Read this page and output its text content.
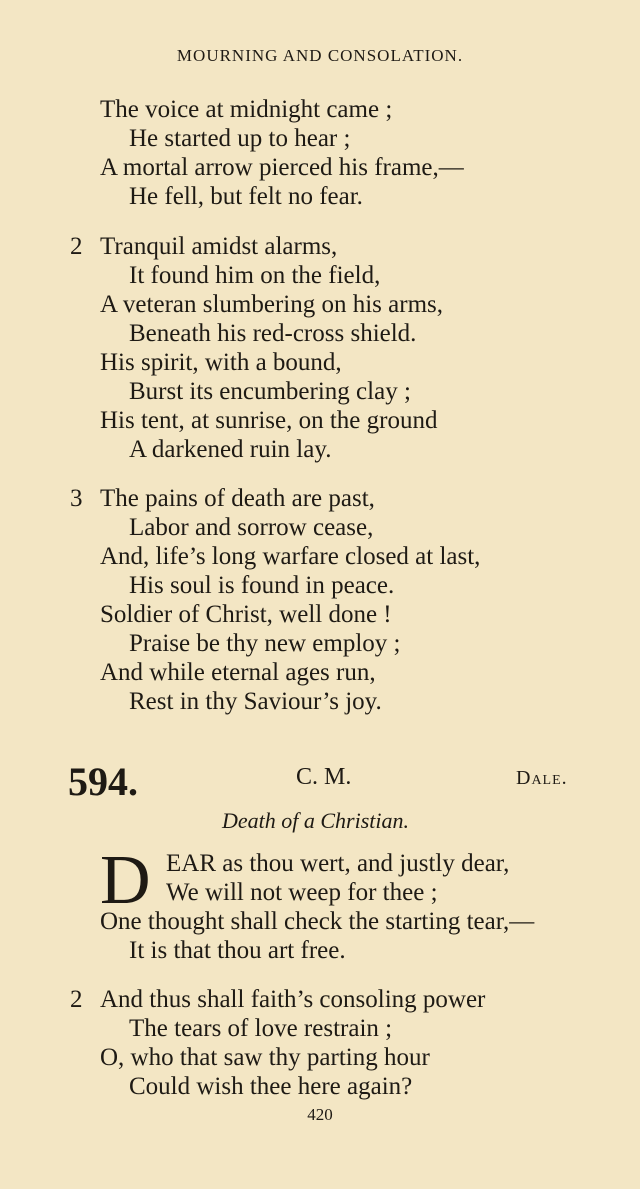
MOURNING AND CONSOLATION.
The voice at midnight came ;
He started up to hear ;
A mortal arrow pierced his frame,—
He fell, but felt no fear.
2 Tranquil amidst alarms,
It found him on the field,
A veteran slumbering on his arms,
Beneath his red-cross shield.
His spirit, with a bound,
Burst its encumbering clay ;
His tent, at sunrise, on the ground
A darkened ruin lay.
3 The pains of death are past,
Labor and sorrow cease,
And, life’s long warfare closed at last,
His soul is found in peace.
Soldier of Christ, well done !
Praise be thy new employ ;
And while eternal ages run,
Rest in thy Saviour’s joy.
594.	C. M.	Dale.
Death of a Christian.
D EAR as thou wert, and justly dear,
We will not weep for thee ;
One thought shall check the starting tear,—
It is that thou art free.
2 And thus shall faith’s consoling power
The tears of love restrain ;
O, who that saw thy parting hour
Could wish thee here again?
420
